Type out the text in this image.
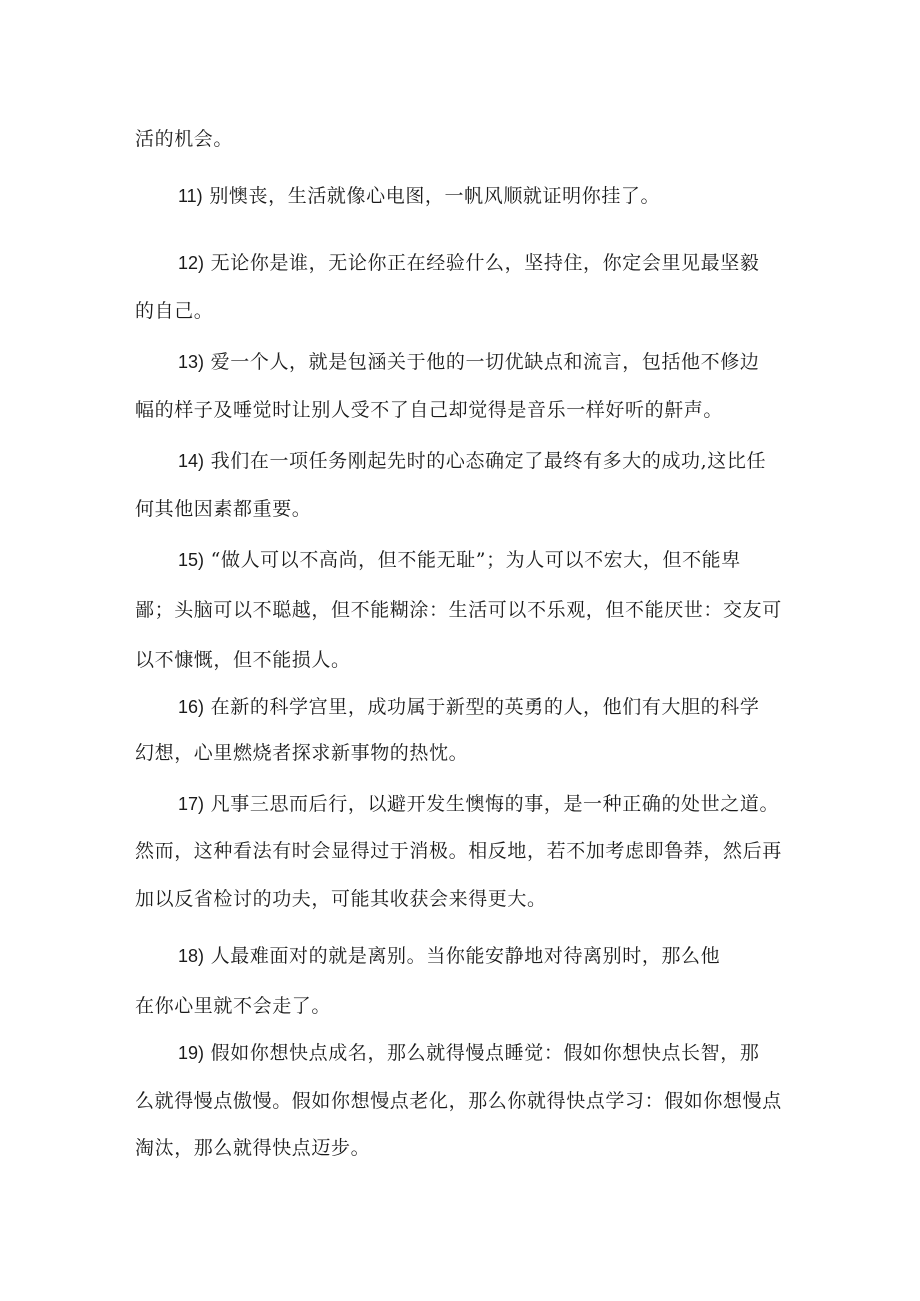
活的机会。
11) 别懊丧，生活就像心电图，一帆风顺就证明你挂了。
12) 无论你是谁，无论你正在经验什么，坚持住，你定会里见最坚毅
的自己。
13) 爱一个人，就是包涵关于他的一切优缺点和流言，包括他不修边
幅的样子及唾觉时让别人受不了自己却觉得是音乐一样好听的鼾声。
14) 我们在一项任务刚起先时的心态确定了最终有多大的成功,这比任
何其他因素都重要。
15) “做人可以不高尚，但不能无耻”；为人可以不宏大，但不能卑
鄙；头脑可以不聪越，但不能糊涂：生活可以不乐观，但不能厌世：交友可
以不慷慨，但不能损人。
16) 在新的科学宫里，成功属于新型的英勇的人，他们有大胆的科学
幻想，心里燃烧者探求新事物的热忱。
17) 凡事三思而后行，以避开发生懊悔的事，是一种正确的处世之道。
然而，这种看法有时会显得过于消极。相反地，若不加考虑即鲁莽，然后再
加以反省检讨的功夫，可能其收获会来得更大。
18) 人最难面对的就是离别。当你能安静地对待离别时，那么他
在你心里就不会走了。
19) 假如你想快点成名，那么就得慢点睡觉：假如你想快点长智，那
么就得慢点傲慢。假如你想慢点老化，那么你就得快点学习：假如你想慢点
淘汰，那么就得快点迈步。
